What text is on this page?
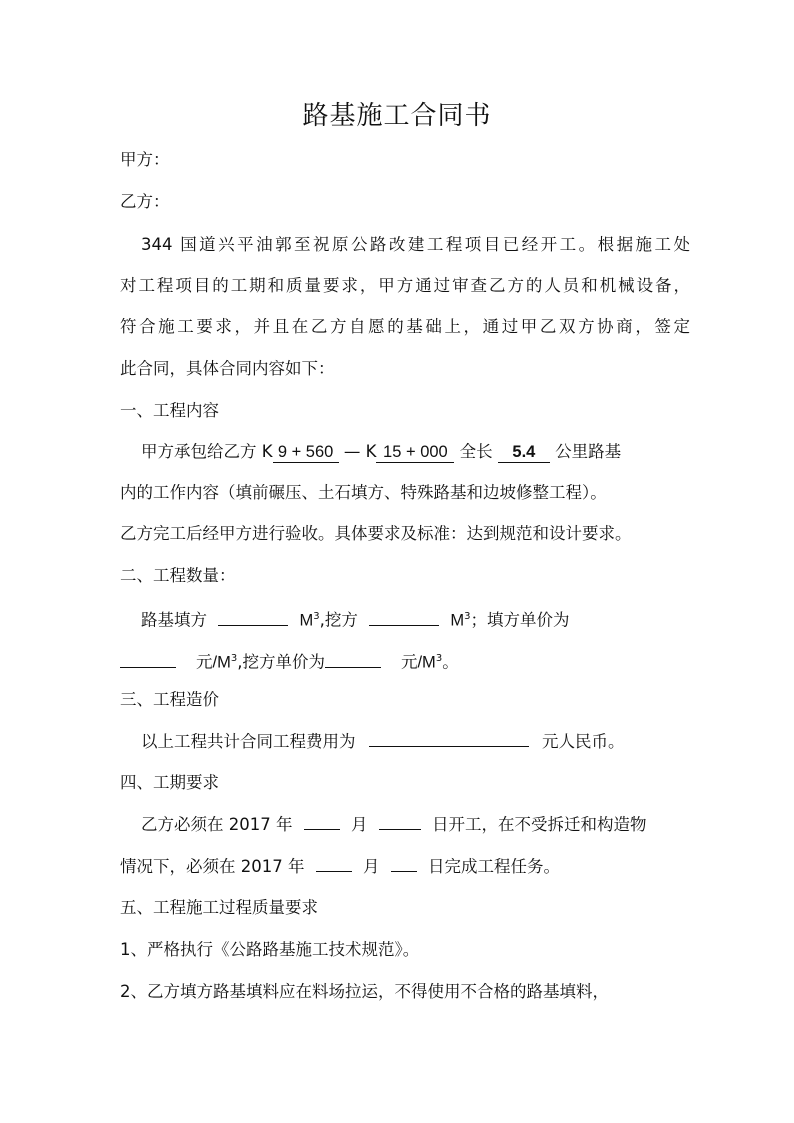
路基施工合同书
甲方：
乙方：
344 国道兴平油郭至祝原公路改建工程项目已经开工。根据施工处
对工程项目的工期和质量要求，甲方通过审查乙方的人员和机械设备，
符合施工要求，并且在乙方自愿的基础上，通过甲乙双方协商，签定
此合同，具体合同内容如下：
一、工程内容
甲方承包给乙方 K 9 + 560 — K 15 + 000 全长 5.4 公里路基
内的工作内容（填前碾压、土石填方、特殊路基和边坡修整工程）。
乙方完工后经甲方进行验收。具体要求及标准：达到规范和设计要求。
二、工程数量：
路基填方	$M^3$,挖方	$M^3$；填方单价为
元$/M^3$,挖方单价为	元$/M^3$。
三、工程造价
以上工程共计合同工程费用为	元人民币。
四、工期要求
乙方必须在 2017 年	月	日开工，在不受拆迁和构造物
情况下，必须在 2017 年	月	日完成工程任务。
五、工程施工过程质量要求
1、严格执行《公路路基施工技术规范》。
2、乙方填方路基填料应在料场拉运，不得使用不合格的路基填料，
